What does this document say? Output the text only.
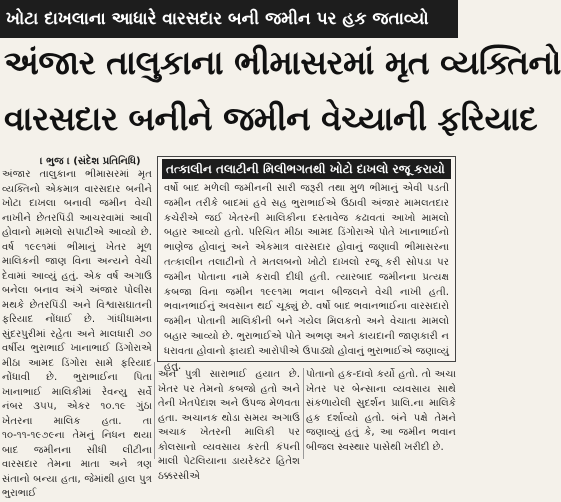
ખોટા દાખલાના આધારે વારસદાર બની જમીન પર હક જતાવ્યો
અંજાર તાલુકાના ભીમાસરમાં મૃત વ્યક્તિનો
વારસદાર બનીને જમીન વેચ્યાની ફરિયાદ
। ભુજ । (સંદેશ પ્રતિનિધિ)
અંજાર તાલુકાના ભીમાસરમાં મૃત વ્યક્તિનો એકમાત્ર વારસદાર બનીને ખોટા દાખલા બનાવી જમીન વેચી નાખીને છેતરપિંડી આચરવામાં આવી હોવાનો મામલો સપાટીએ આવ્યો છે. વર્ષ ૧૯૯૧માં ભીમાનું ખેતર મૂળ માલિકની જાણ વિના અન્યને વેચી દેવામાં આવ્યું હતું. એક વર્ષ અગાઉ બનેલા બનાવ અંગે અંજાર પોલીસ મથકે છેતરપિંડી અને વિશ્વાસઘાતની ફરિયાદ નોંધાઈ છે. ગાંધીધામના સુંદરપુરીમાં રહેતા અને માલધારી ૭૦ વર્ષીય ભુરાભાઈ ખાનાભાઈ ડિંગોરાએ મીઠા આમદ ડિંગોરા સામે ફરિયાદ નોંધાવી છે. ભુરાભાઈના પિતા ખાનાભાઈ માલિકીમાં રેવન્યુ સર્વે નંબર ૩૫૫, એકર ૧૦.૧૯ ગુંઠા ખેતરના માલિક હતા. તા ૧૦-૧૧-૧૯૭૯ના તેમનું નિધન થયા બાદ જમીનના સીધી લીટીના વારસદાર તેમના માતા અને ત્રણ સંતાનો બન્યા હતા, જેમાંથી હાલ પુત્ર ભુરાભાઈ
તત્કાલીન તલાટીની મિલીભગતથી ખોટો દાખલો રજૂ કરાયો
વર્ષો બાદ મળેલી જમીનની સારી જરૂરી તથા મુળ ભીમાનું એવી પડતી જમીન તરીકે બાદમાં હવે સહ ભુરાભાઈએ ઉઠાવી અંજાર મામલતદાર કચેરીએ જઈ ખેતરની માલિકીના દસ્તાવેજ કઢાવતાં આખો મામલો બહાર આવ્યો હતો. પરિચિત મીઠા આમદ ડિંગોરાએ પોતે ખાનાભાઈનો ભાણેજ હોવાનું અને એકમાત્ર વારસદાર હોવાનું જણાવી ભીમાસરના તત્કાલીન તલાટીનો તે મતલબનો ખોટો દાખલો રજૂ કરી સોપડા પર જમીન પોતાના નામે કરાવી દીધી હતી. ત્યારબાદ જમીનના પ્રત્યક્ષ કબજા વિના જમીન ૧૯૯૧મા ભવાન બીજલને વેચી નાખી હતી. ભવાનભાઈનું અવસાન થઈ ચૂક્યું છે. વર્ષો બાદ ભવાનભાઈના વારસદારો જમીન પોતાની માલિકીની બને ગયેલ મિલકતો અને વેચાતા મામલો બહાર આવ્યો છે. ભુરાભાઈએ પોતે અભણ અને કાયદાની જાણકારી ન ધરાવતા હોવાનો ફાયદો આરોપીએ ઉપાડ્યો હોવાનું ભુરાભાઈએ જણાવ્યું હતું.
અને પુત્રી સારાભાઈ હયાત છે. ખેતર પર તેમનો કબજો હતો અને તેની ખેતપેદાશ અને ઉપજ મેળવતા હતા. અચાનક થોડા સમય અગાઉ અચાક ખેતરની માલિકી પર કોલસાનો વ્યવસાય કરતી કંપની માલી પેટલિયાના ડાયરેક્ટર હિતેશ ઠક્કરસીએ
પોતાનો હક-દાવો કર્યો હતો. તો અચા ખેતર પર બેન્સાના વ્યવસાય સાથે સંકળાયેલી સુદર્શન પ્રાલિ.ના માલિકે હક દર્શાવ્યો હતો. બંને પક્ષે તેમને જણાવ્યું હતું કે, આ જમીન ભવાન બીજલ સ્વસ્થાર પાસેથી ખરીદી છે.
